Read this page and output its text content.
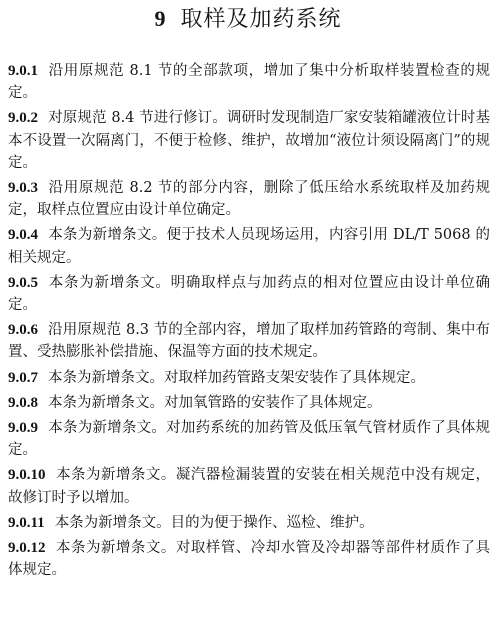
9 取样及加药系统

9.0.1 沿用原规范 8.1 节的全部款项，增加了集中分析取样装置检查的规定。

9.0.2 对原规范 8.4 节进行修订。调研时发现制造厂家安装箱罐液位计时基本不设置一次隔离门，不便于检修、维护，故增加“液位计须设隔离门”的规定。

9.0.3 沿用原规范 8.2 节的部分内容，删除了低压给水系统取样及加药规定，取样点位置应由设计单位确定。

9.0.4 本条为新增条文。便于技术人员现场运用，内容引用 DL/T 5068 的相关规定。

9.0.5 本条为新增条文。明确取样点与加药点的相对位置应由设计单位确定。

9.0.6 沿用原规范 8.3 节的全部内容，增加了取样加药管路的弯制、集中布置、受热膨胀补偿措施、保温等方面的技术规定。

9.0.7 本条为新增条文。对取样加药管路支架安装作了具体规定。

9.0.8 本条为新增条文。对加氧管路的安装作了具体规定。

9.0.9 本条为新增条文。对加药系统的加药管及低压氧气管材质作了具体规定。

9.0.10 本条为新增条文。凝汽器检漏装置的安装在相关规范中没有规定，故修订时予以增加。

9.0.11 本条为新增条文。目的为便于操作、巡检、维护。

9.0.12 本条为新增条文。对取样管、冷却水管及冷却器等部件材质作了具体规定。
